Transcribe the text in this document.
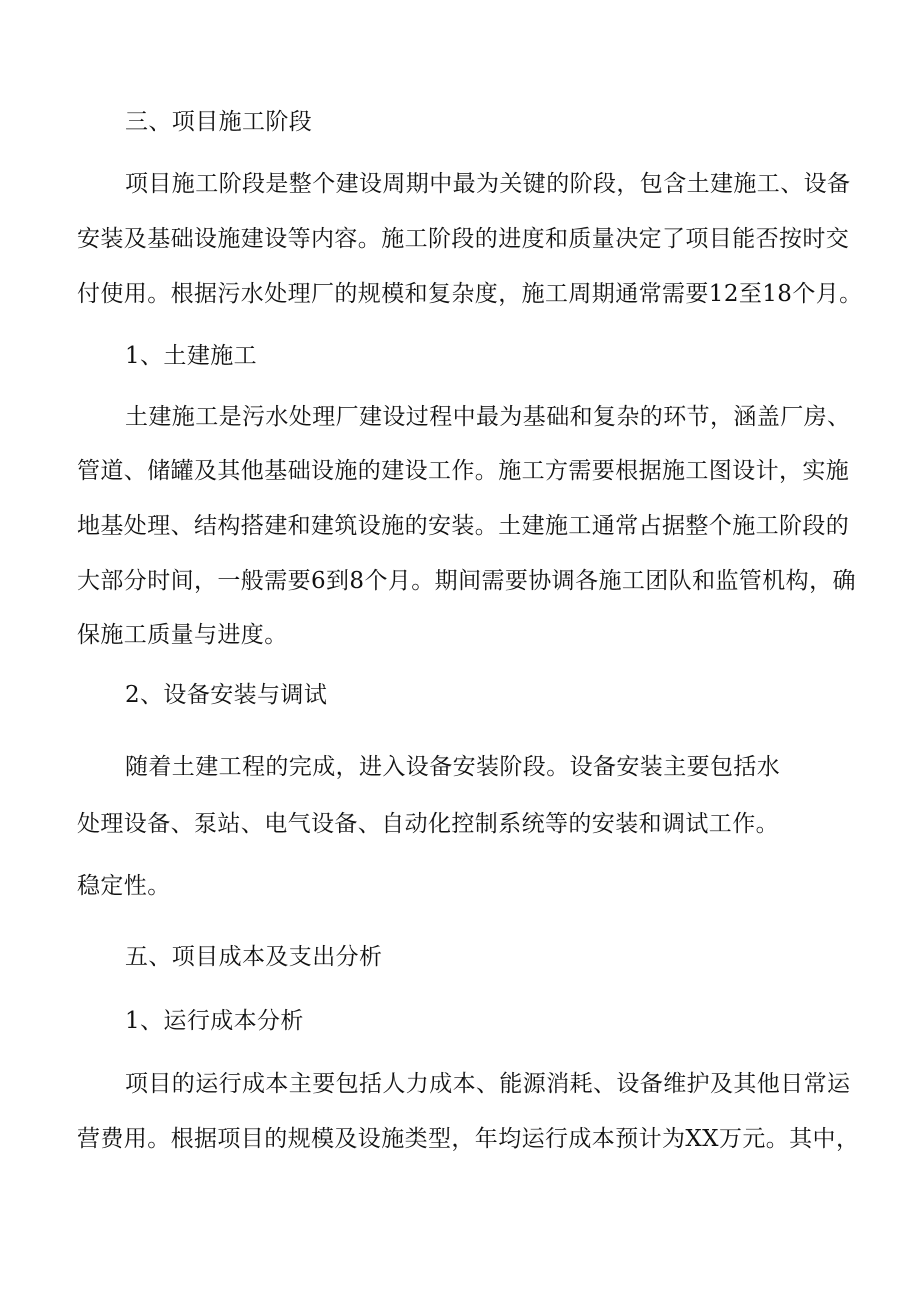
三、项目施工阶段
项目施工阶段是整个建设周期中最为关键的阶段，包含土建施工、设备
安装及基础设施建设等内容。施工阶段的进度和质量决定了项目能否按时交
付使用。根据污水处理厂的规模和复杂度，施工周期通常需要12至18个月。
1、土建施工
土建施工是污水处理厂建设过程中最为基础和复杂的环节，涵盖厂房、
管道、储罐及其他基础设施的建设工作。施工方需要根据施工图设计，实施
地基处理、结构搭建和建筑设施的安装。土建施工通常占据整个施工阶段的
大部分时间，一般需要6到8个月。期间需要协调各施工团队和监管机构，确
保施工质量与进度。
2、设备安装与调试
随着土建工程的完成，进入设备安装阶段。设备安装主要包括水
处理设备、泵站、电气设备、自动化控制系统等的安装和调试工作。
稳定性。
五、项目成本及支出分析
1、运行成本分析
项目的运行成本主要包括人力成本、能源消耗、设备维护及其他日常运
营费用。根据项目的规模及设施类型，年均运行成本预计为XX万元。其中，
